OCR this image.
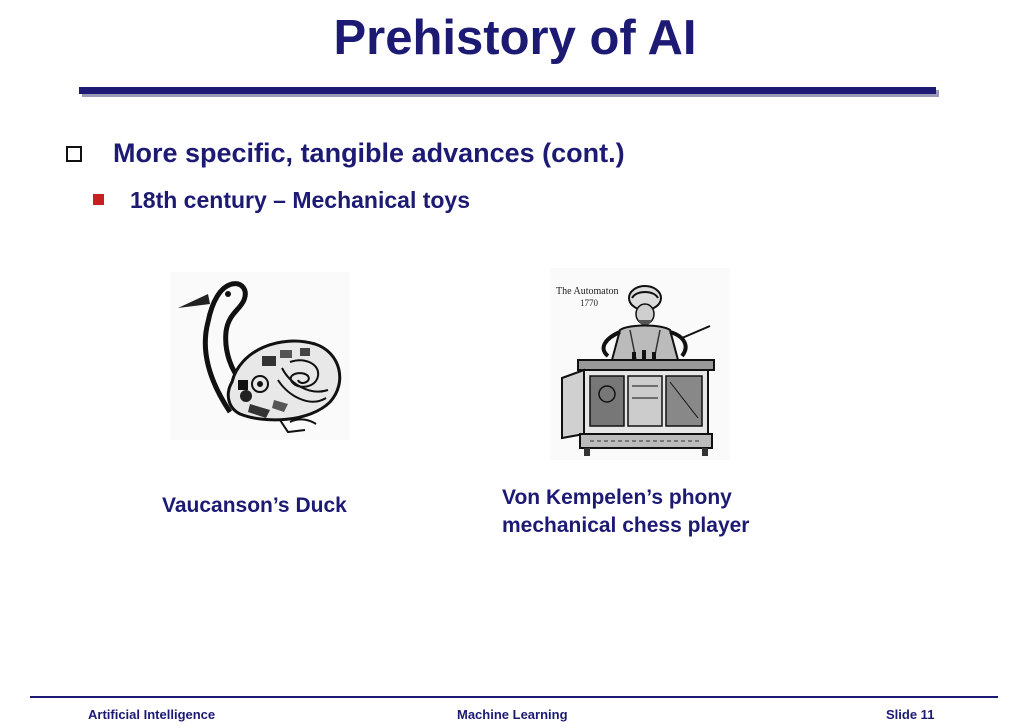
Prehistory of AI
More specific, tangible advances (cont.)
18th century – Mechanical toys
The Automaton
1770
Vaucanson’s Duck	Von Kempelen’s phony
mechanical chess player
Artificial Intelligence	Machine Learning	Slide 11
